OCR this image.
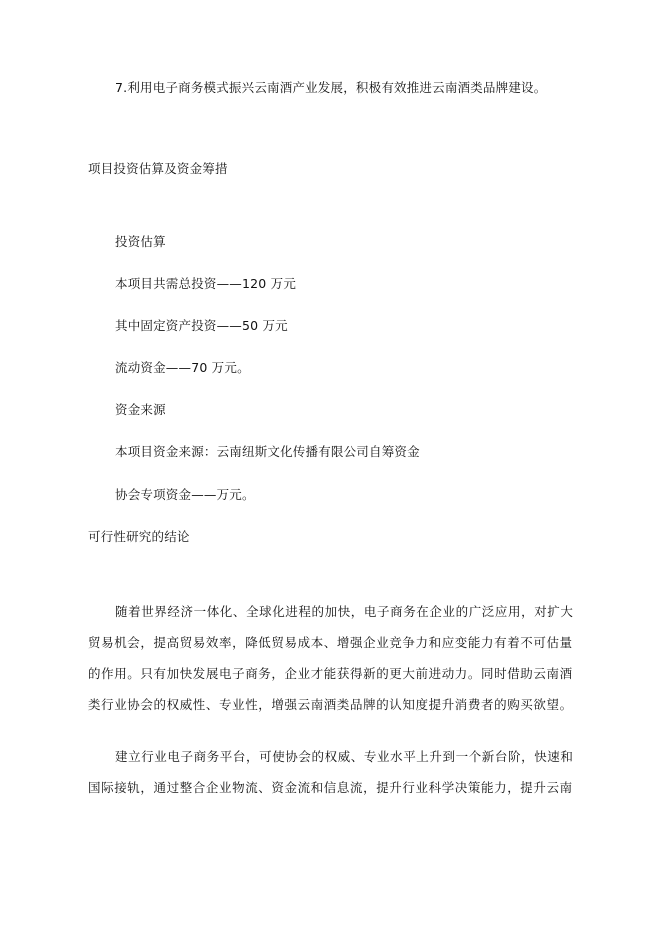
7.利用电子商务模式振兴云南酒产业发展，积极有效推进云南酒类品牌建设。
项目投资估算及资金筹措
投资估算
本项目共需总投资——120 万元
其中固定资产投资——50 万元
流动资金——70 万元。
资金来源
本项目资金来源：云南纽斯文化传播有限公司自筹资金
协会专项资金——万元。
可行性研究的结论
随着世界经济一体化、全球化进程的加快，电子商务在企业的广泛应用，对扩大
贸易机会，提高贸易效率，降低贸易成本、增强企业竞争力和应变能力有着不可估量
的作用。只有加快发展电子商务，企业才能获得新的更大前进动力。同时借助云南酒
类行业协会的权威性、专业性，增强云南酒类品牌的认知度提升消费者的购买欲望。
建立行业电子商务平台，可使协会的权威、专业水平上升到一个新台阶，快速和
国际接轨，通过整合企业物流、资金流和信息流，提升行业科学决策能力，提升云南
